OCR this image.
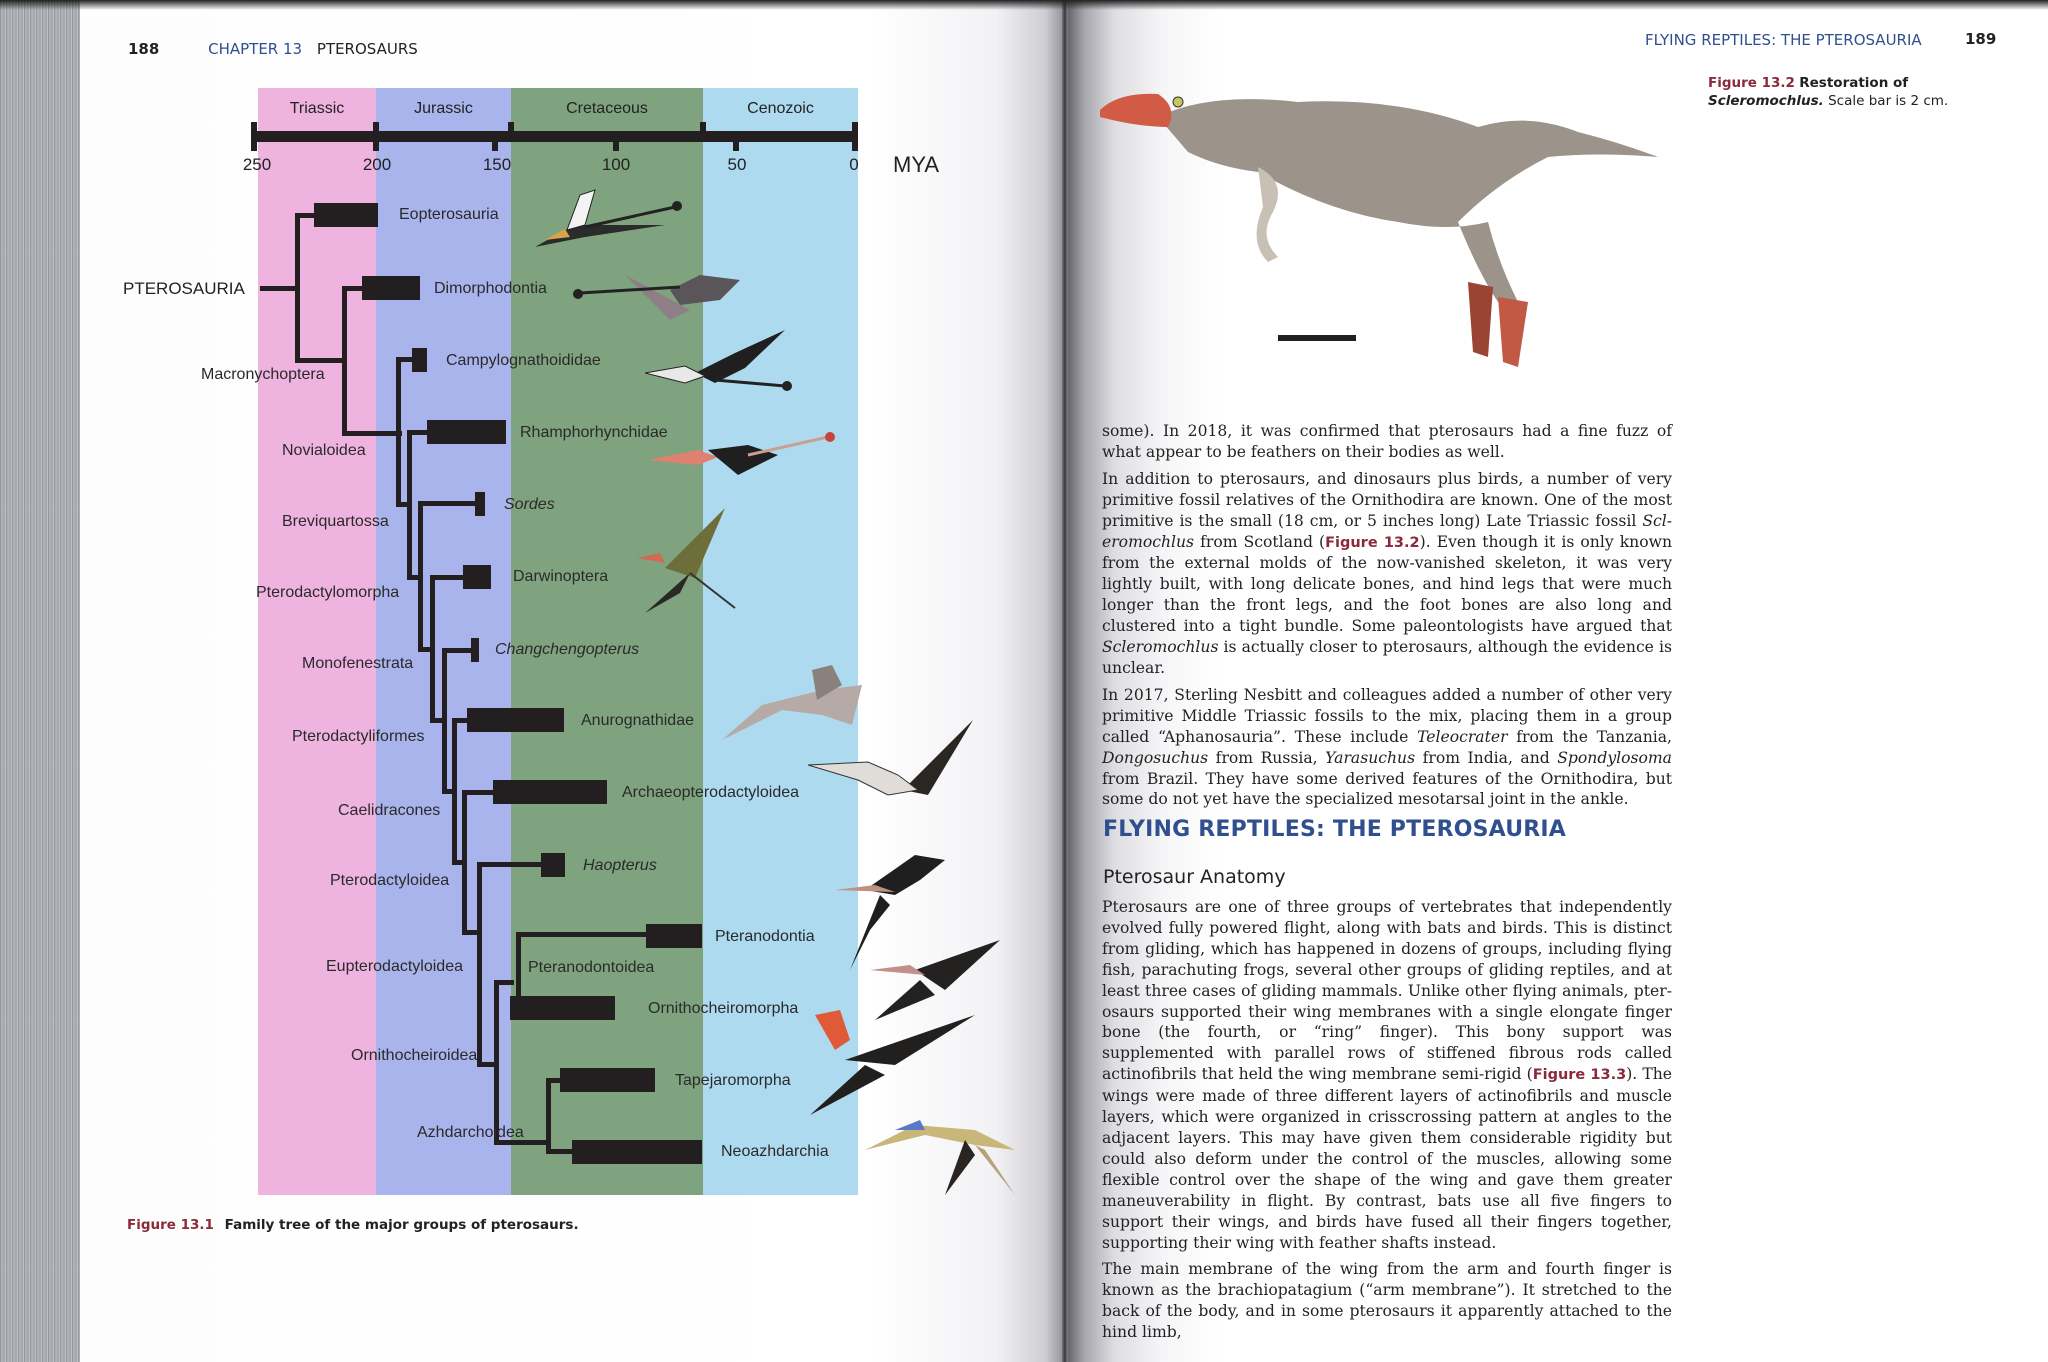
188	CHAPTER 13 PTEROSAURS
Triassic	Jurassic	Cretaceous	Cenozoic
250	200	150	100	50	0 MYA
PTEROSAURIA
Eopterosauria
Dimorphodontia
Campylognathoididae
Rhamphorhynchidae
Sordes
Darwinoptera
Changchengopterus
Anurognathidae
Archaeopterodactyloidea
Haopterus
Pteranodontia
Ornithocheiromorpha
Tapejaromorpha
Neoazhdarchia
Macronychoptera
Novialoidea
Breviquartossa
Pterodactylomorpha
Monofenestrata
Pterodactyliformes
Caelidracones
Pterodactyloidea
Eupterodactyloidea
Ornithocheiroidea
Pteranodontoidea
Azhdarchoidea
Figure 13.1 Family tree of the major groups of pterosaurs.
FLYING REPTILES: THE PTEROSAURIA	189
Figure 13.2 Restoration of
Scleromochlus. Scale bar is 2 cm.

some). In 2018, it was confirmed that pterosaurs had a fine fuzz of what appear to be feathers on their bodies as well.

In addition to pterosaurs, and dinosaurs plus birds, a number of very primitive fossil relatives of the Ornithodira are known. One of the most primitive is the small (18 cm, or 5 inches long) Late Triassic fossil Scleromochlus from Scotland (Figure 13.2). Even though it is only known from the external molds of the now-vanished skeleton, it was very lightly built, with long delicate bones, and hind legs that were much longer than the front legs, and the foot bones are also long and clustered into a tight bundle. Some paleontologists have argued that Scleromochlus is actually closer to pterosaurs, although the evidence is unclear.

In 2017, Sterling Nesbitt and colleagues added a number of other very primitive Middle Triassic fossils to the mix, placing them in a group called “Aphanosauria”. These include Teleocrater from the Tanzania, Dongosuchus from Russia, Yarasuchus from India, and Spondylosoma from Brazil. They have some derived features of the Ornithodira, but some do not yet have the specialized mesotarsal joint in the ankle.

FLYING REPTILES: THE PTEROSAURIA
Pterosaur Anatomy

Pterosaurs are one of three groups of vertebrates that independently evolved fully powered flight, along with bats and birds. This is distinct from gliding, which has happened in dozens of groups, including flying fish, parachuting frogs, several other groups of gliding reptiles, and at least three cases of gliding mammals. Unlike other flying animals, pterosaurs supported their wing membranes with a single elongate finger bone (the fourth, or “ring” finger). This bony support was supplemented with parallel rows of stiffened fibrous rods called actinofibrils that held the wing membrane semi-rigid (Figure 13.3). The wings were made of three different layers of actinofibrils and muscle layers, which were organized in crisscrossing pattern at angles to the adjacent layers. This may have given them considerable rigidity but could also deform under the control of the muscles, allowing some flexible control over the shape of the wing and gave them greater maneuverability in flight. By contrast, bats use all five fingers to support their wings, and birds have fused all their fingers together, supporting their wing with feather shafts instead.

The main membrane of the wing from the arm and fourth finger is known as the brachiopatagium (“arm membrane”). It stretched to the back of the body, and in some pterosaurs it apparently attached to the hind limb,
